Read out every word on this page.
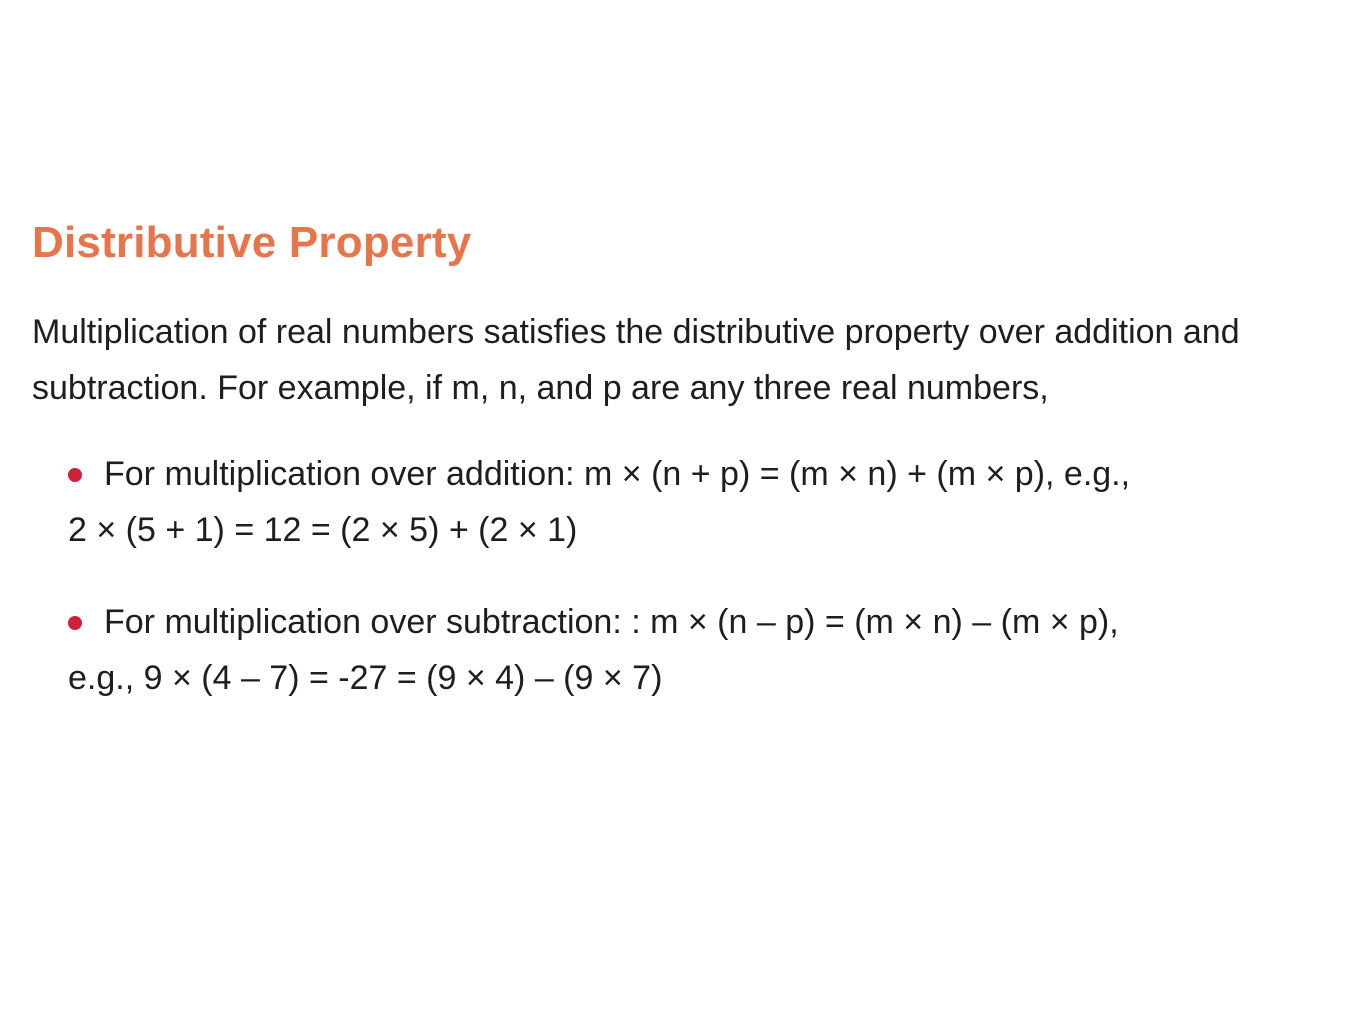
Distributive Property

Multiplication of real numbers satisfies the distributive property over addition and subtraction. For example, if m, n, and p are any three real numbers,

For multiplication over addition: m × (n + p) = (m × n) + (m × p), e.g.,
2 × (5 + 1) = 12 = (2 × 5) + (2 × 1)
For multiplication over subtraction: : m × (n – p) = (m × n) – (m × p),
e.g., 9 × (4 – 7) = -27 = (9 × 4) – (9 × 7)
